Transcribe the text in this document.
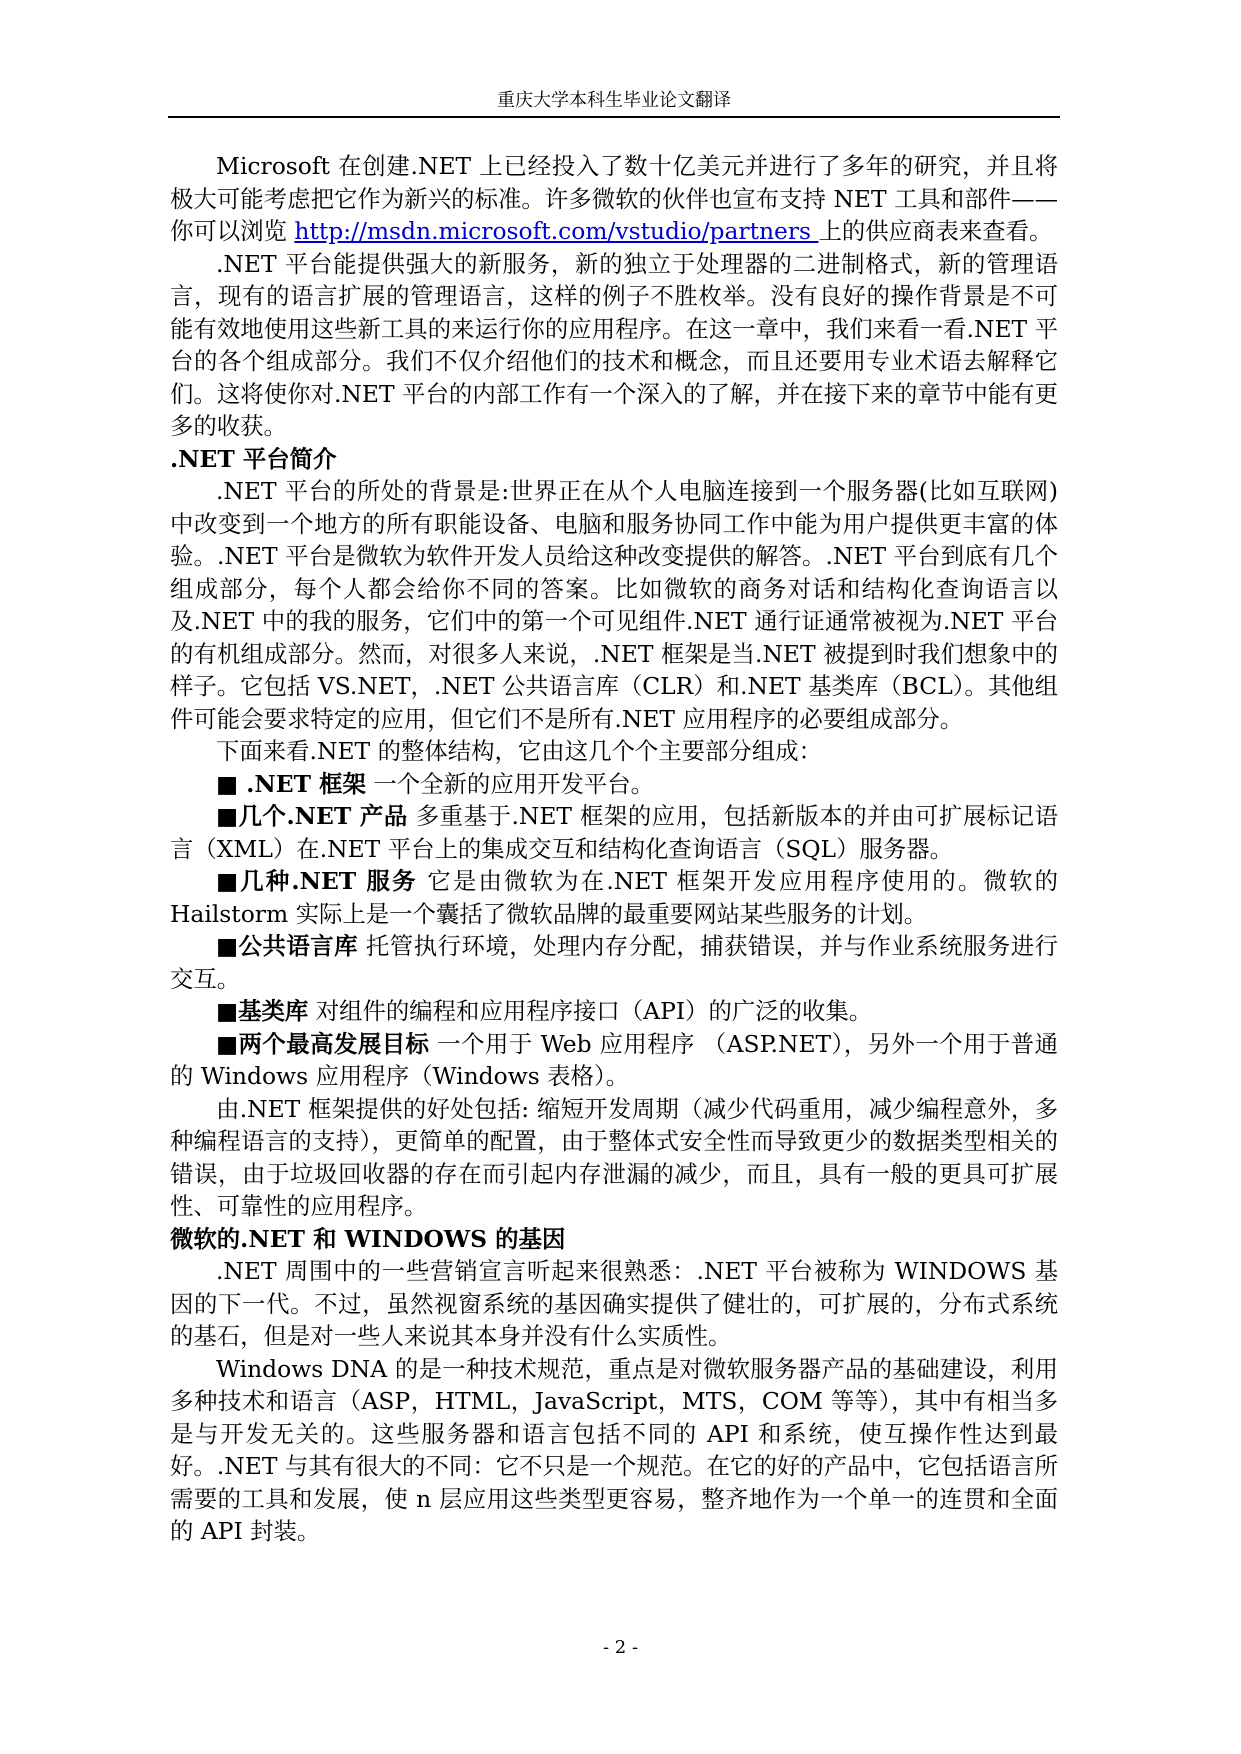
重庆大学本科生毕业论文翻译

Microsoft 在创建.NET 上已经投入了数十亿美元并进行了多年的研究，并且将极大可能考虑把它作为新兴的标准。许多微软的伙伴也宣布支持 NET 工具和部件——你可以浏览 http://msdn.microsoft.com/vstudio/partners 上的供应商表来查看。

.NET 平台能提供强大的新服务，新的独立于处理器的二进制格式，新的管理语言，现有的语言扩展的管理语言，这样的例子不胜枚举。没有良好的操作背景是不可能有效地使用这些新工具的来运行你的应用程序。在这一章中，我们来看一看.NET 平台的各个组成部分。我们不仅介绍他们的技术和概念，而且还要用专业术语去解释它们。这将使你对.NET 平台的内部工作有一个深入的了解，并在接下来的章节中能有更多的收获。

.NET 平台简介

.NET 平台的所处的背景是:世界正在从个人电脑连接到一个服务器(比如互联网)中改变到一个地方的所有职能设备、电脑和服务协同工作中能为用户提供更丰富的体验。.NET 平台是微软为软件开发人员给这种改变提供的解答。.NET 平台到底有几个组成部分，每个人都会给你不同的答案。比如微软的商务对话和结构化查询语言以及.NET 中的我的服务，它们中的第一个可见组件.NET 通行证通常被视为.NET 平台的有机组成部分。然而，对很多人来说，.NET 框架是当.NET 被提到时我们想象中的样子。它包括 VS.NET，.NET 公共语言库（CLR）和.NET 基类库（BCL）。其他组件可能会要求特定的应用，但它们不是所有.NET 应用程序的必要组成部分。

下面来看.NET 的整体结构，它由这几个个主要部分组成：

■ .NET 框架 一个全新的应用开发平台。

■几个.NET 产品 多重基于.NET 框架的应用，包括新版本的并由可扩展标记语言（XML）在.NET 平台上的集成交互和结构化查询语言（SQL）服务器。

■几种.NET 服务 它是由微软为在.NET 框架开发应用程序使用的。微软的 Hailstorm 实际上是一个囊括了微软品牌的最重要网站某些服务的计划。

■公共语言库 托管执行环境，处理内存分配，捕获错误，并与作业系统服务进行交互。

■基类库 对组件的编程和应用程序接口（API）的广泛的收集。

■两个最高发展目标 一个用于 Web 应用程序 （ASP.NET），另外一个用于普通的 Windows 应用程序（Windows 表格）。

由.NET 框架提供的好处包括: 缩短开发周期（减少代码重用，减少编程意外，多种编程语言的支持），更简单的配置，由于整体式安全性而导致更少的数据类型相关的错误，由于垃圾回收器的存在而引起内存泄漏的减少，而且，具有一般的更具可扩展性、可靠性的应用程序。

微软的.NET 和 WINDOWS 的基因

.NET 周围中的一些营销宣言听起来很熟悉：.NET 平台被称为 WINDOWS 基因的下一代。不过，虽然视窗系统的基因确实提供了健壮的，可扩展的，分布式系统的基石，但是对一些人来说其本身并没有什么实质性。

Windows DNA 的是一种技术规范，重点是对微软服务器产品的基础建设，利用多种技术和语言（ASP，HTML，JavaScript，MTS，COM 等等），其中有相当多是与开发无关的。这些服务器和语言包括不同的 API 和系统，使互操作性达到最好。.NET 与其有很大的不同：它不只是一个规范。在它的好的产品中，它包括语言所需要的工具和发展，使 n 层应用这些类型更容易，整齐地作为一个单一的连贯和全面的 API 封装。

- 2 -
